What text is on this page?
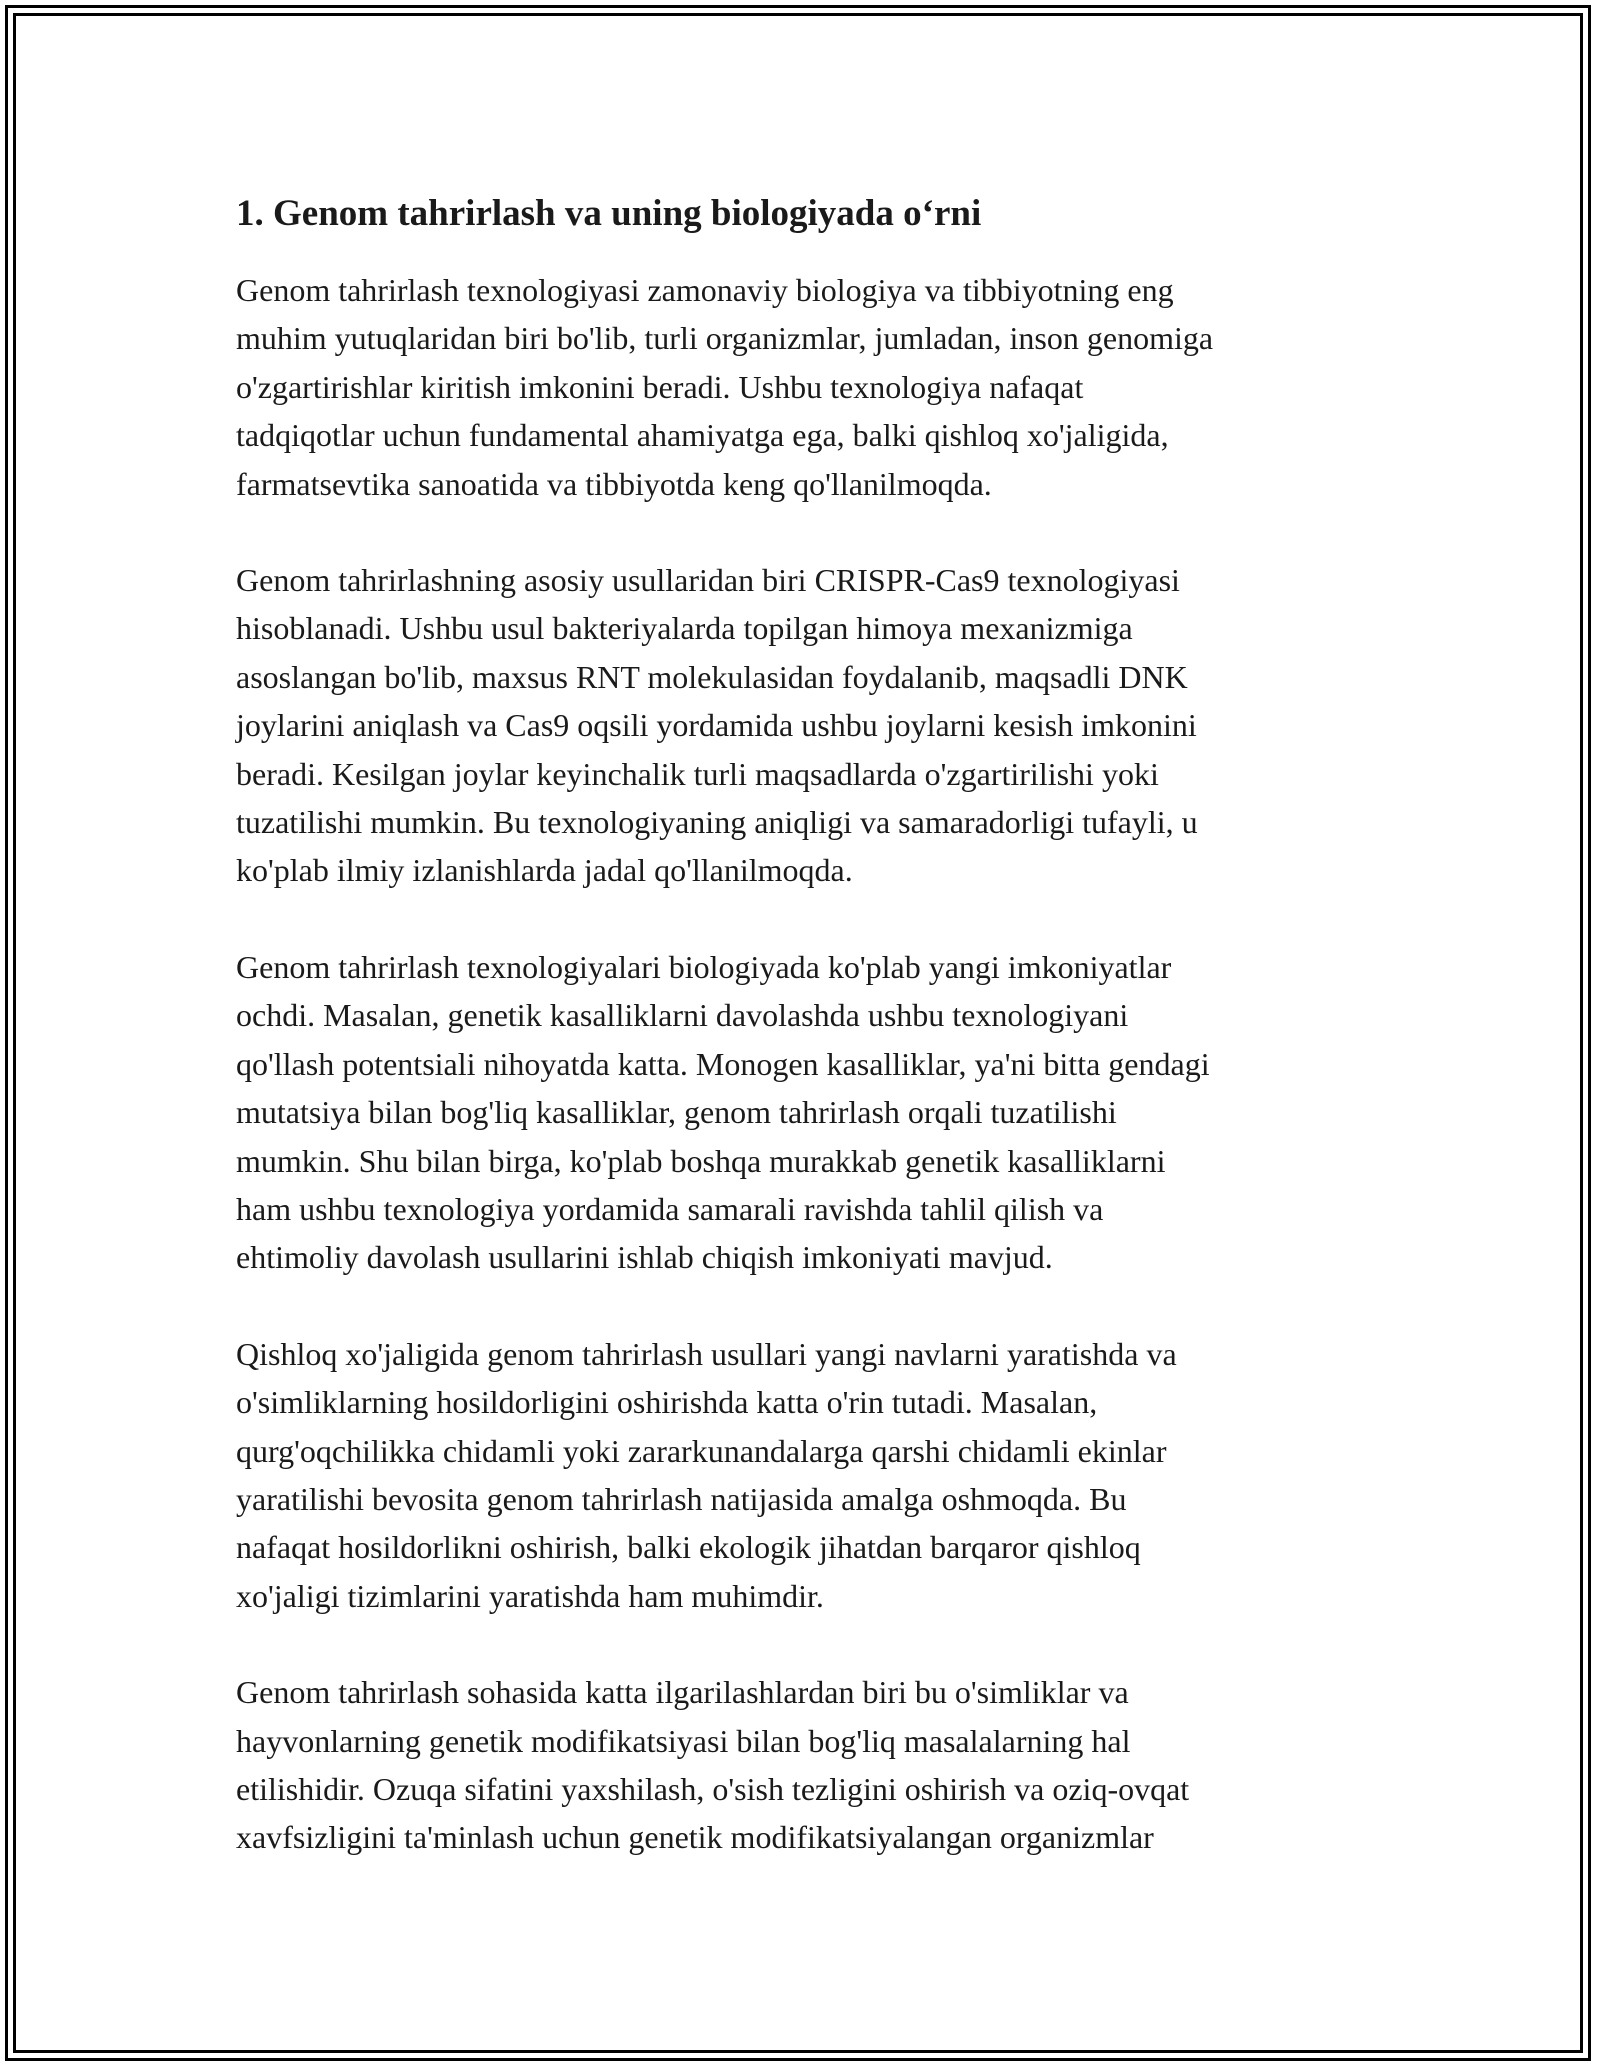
1. Genom tahrirlash va uning biologiyada o‘rni

Genom tahrirlash texnologiyasi zamonaviy biologiya va tibbiyotning eng
muhim yutuqlaridan biri bo'lib, turli organizmlar, jumladan, inson genomiga
o'zgartirishlar kiritish imkonini beradi. Ushbu texnologiya nafaqat
tadqiqotlar uchun fundamental ahamiyatga ega, balki qishloq xo'jaligida,
farmatsevtika sanoatida va tibbiyotda keng qo'llanilmoqda.

Genom tahrirlashning asosiy usullaridan biri CRISPR-Cas9 texnologiyasi
hisoblanadi. Ushbu usul bakteriyalarda topilgan himoya mexanizmiga
asoslangan bo'lib, maxsus RNT molekulasidan foydalanib, maqsadli DNK
joylarini aniqlash va Cas9 oqsili yordamida ushbu joylarni kesish imkonini
beradi. Kesilgan joylar keyinchalik turli maqsadlarda o'zgartirilishi yoki
tuzatilishi mumkin. Bu texnologiyaning aniqligi va samaradorligi tufayli, u
ko'plab ilmiy izlanishlarda jadal qo'llanilmoqda.

Genom tahrirlash texnologiyalari biologiyada ko'plab yangi imkoniyatlar
ochdi. Masalan, genetik kasalliklarni davolashda ushbu texnologiyani
qo'llash potentsiali nihoyatda katta. Monogen kasalliklar, ya'ni bitta gendagi
mutatsiya bilan bog'liq kasalliklar, genom tahrirlash orqali tuzatilishi
mumkin. Shu bilan birga, ko'plab boshqa murakkab genetik kasalliklarni
ham ushbu texnologiya yordamida samarali ravishda tahlil qilish va
ehtimoliy davolash usullarini ishlab chiqish imkoniyati mavjud.

Qishloq xo'jaligida genom tahrirlash usullari yangi navlarni yaratishda va
o'simliklarning hosildorligini oshirishda katta o'rin tutadi. Masalan,
qurg'oqchilikka chidamli yoki zararkunandalarga qarshi chidamli ekinlar
yaratilishi bevosita genom tahrirlash natijasida amalga oshmoqda. Bu
nafaqat hosildorlikni oshirish, balki ekologik jihatdan barqaror qishloq
xo'jaligi tizimlarini yaratishda ham muhimdir.

Genom tahrirlash sohasida katta ilgarilashlardan biri bu o'simliklar va
hayvonlarning genetik modifikatsiyasi bilan bog'liq masalalarning hal
etilishidir. Ozuqa sifatini yaxshilash, o'sish tezligini oshirish va oziq-ovqat
xavfsizligini ta'minlash uchun genetik modifikatsiyalangan organizmlar
